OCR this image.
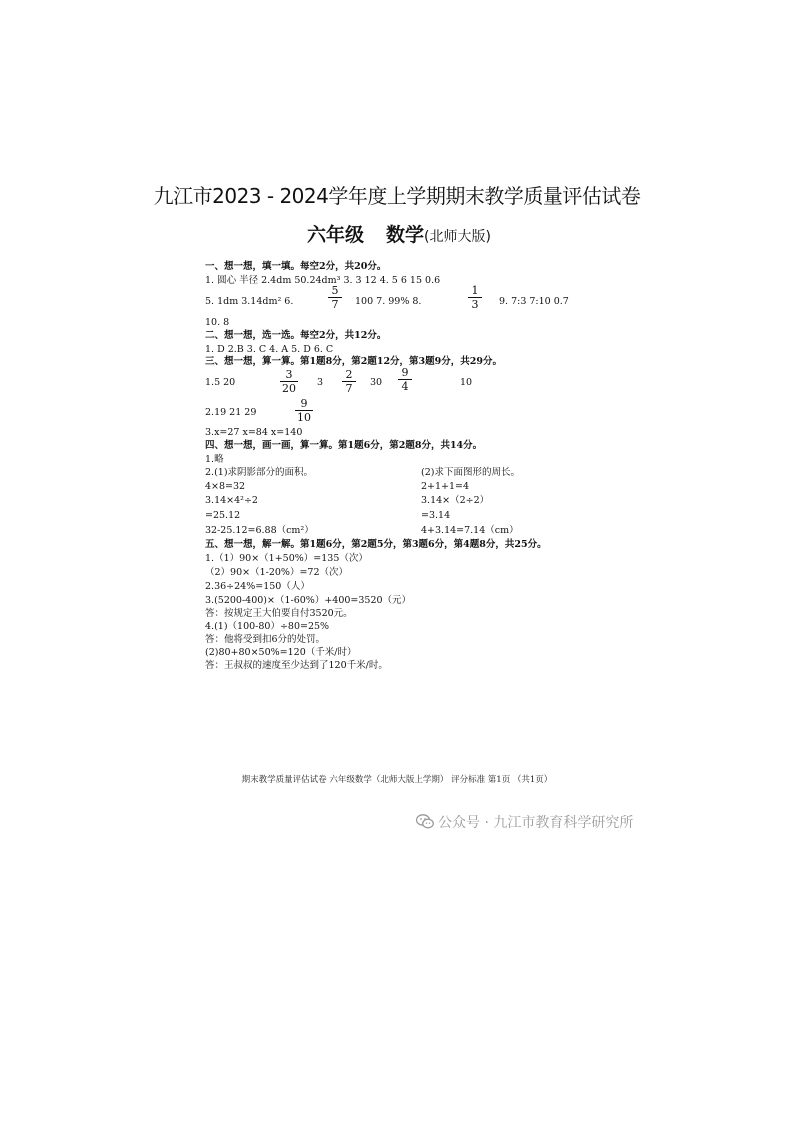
九江市2023 - 2024学年度上学期期末教学质量评估试卷
六年级 数学(北师大版)
一、想一想，填一填。每空2分，共20分。
1. 圆心 半径 2.4dm 50.24dm³ 3. 3 12 4. 5 6 15 0.6
5. 1dm 3.14dm² 6.
5
7 100 7. 99% 8.
1
3 9. 7:3 7:10 0.7
10. 8
二、想一想，选一选。每空2分，共12分。
1. D 2.B 3. C 4. A 5. D 6. C
三、想一想，算一算。第1题8分，第2题12分，第3题9分，共29分。
1.5 20
3
20 3
2
7 30
9
4	10
2.19 21 29
9
10
3.x=27 x=84 x=140
四、想一想，画一画，算一算。第1题6分，第2题8分，共14分。
1.略
2.(1)求阴影部分的面积。
4×8=32
3.14×4²÷2
=25.12
32-25.12=6.88（cm²）
(2)求下面图形的周长。
2+1+1=4
3.14×（2÷2）
=3.14
4+3.14=7.14（cm）
五、想一想，解一解。第1题6分，第2题5分，第3题6分，第4题8分，共25分。
1.（1）90×（1+50%）=135（次）
（2）90×（1-20%）=72（次）
2.36÷24%=150（人）
3.(5200-400)×（1-60%）+400=3520（元）
答：按规定王大伯要自付3520元。
4.(1)（100-80）÷80=25%
答：他将受到扣6分的处罚。
(2)80+80×50%=120（千米/时）
答：王叔叔的速度至少达到了120千米/时。
期末教学质量评估试卷 六年级数学（北师大版上学期） 评分标准 第1页 （共1页）
公众号 · 九江市教育科学研究所
